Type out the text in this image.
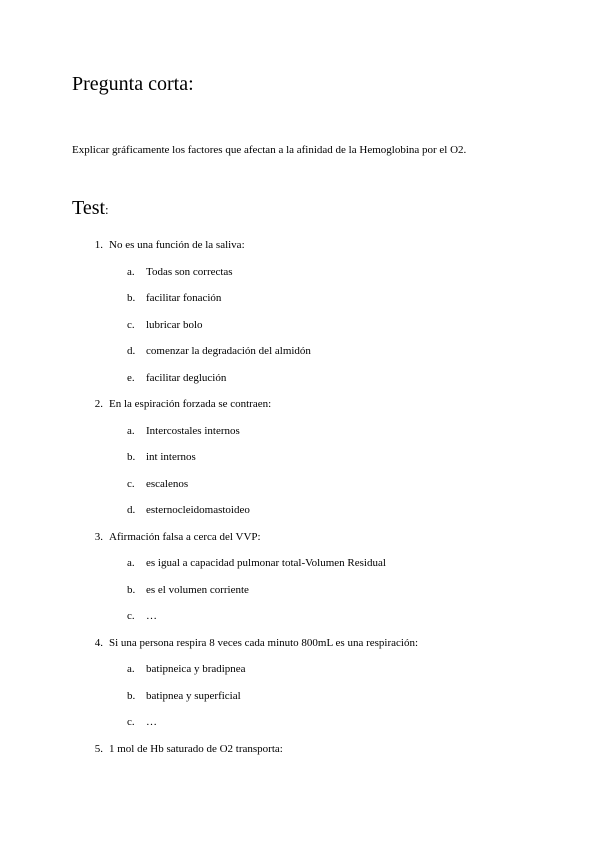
Pregunta corta:
Explicar gráficamente los factores que afectan a la afinidad de la Hemoglobina por el O2.
Test:
1. No es una función de la saliva:
a. Todas son correctas
b. facilitar fonación
c. lubricar bolo
d. comenzar la degradación del almidón
e. facilitar deglución
2. En la espiración forzada se contraen:
a. Intercostales internos
b. int internos
c. escalenos
d. esternocleidomastoideo
3. Afirmación falsa a cerca del VVP:
a. es igual a capacidad pulmonar total-Volumen Residual
b. es el volumen corriente
c. …
4. Si una persona respira 8 veces cada minuto 800mL es una respiración:
a. batipneica y bradipnea
b. batipnea y superficial
c. …
5. 1 mol de Hb saturado de O2 transporta:
